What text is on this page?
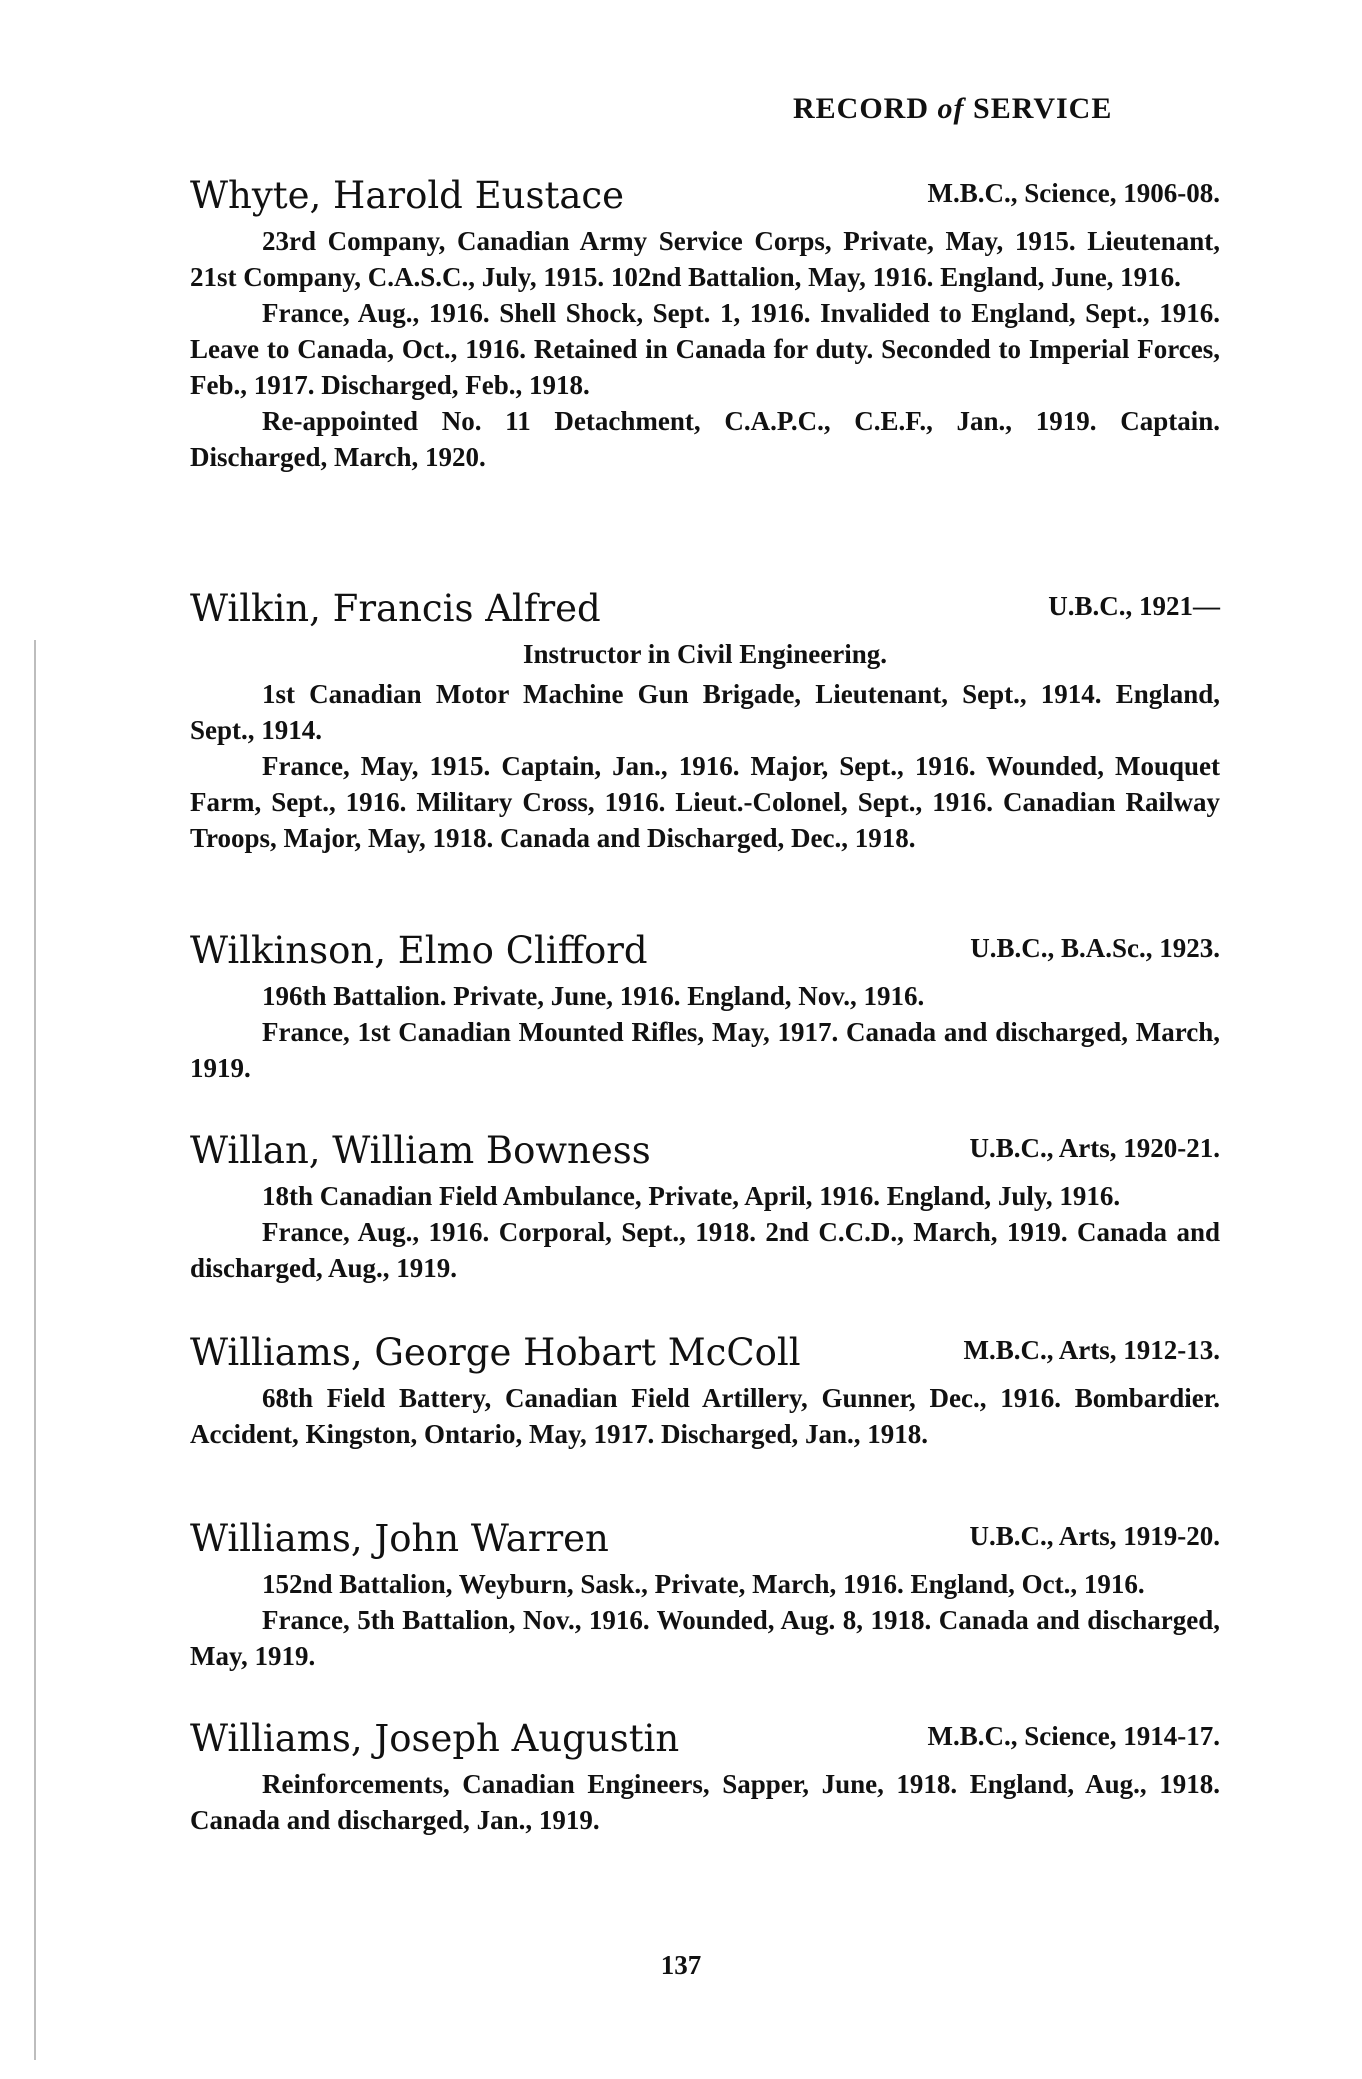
RECORD of SERVICE
Whyte, Harold Eustace	M.B.C., Science, 1906-08.

23rd Company, Canadian Army Service Corps, Private, May, 1915. Lieutenant, 21st Company, C.A.S.C., July, 1915. 102nd Battalion, May, 1916. England, June, 1916.

France, Aug., 1916. Shell Shock, Sept. 1, 1916. Invalided to England, Sept., 1916. Leave to Canada, Oct., 1916. Retained in Canada for duty. Seconded to Imperial Forces, Feb., 1917. Discharged, Feb., 1918.

Re-appointed No. 11 Detachment, C.A.P.C., C.E.F., Jan., 1919. Captain. Discharged, March, 1920.

Wilkin, Francis Alfred	U.B.C., 1921—

Instructor in Civil Engineering.

1st Canadian Motor Machine Gun Brigade, Lieutenant, Sept., 1914. England, Sept., 1914.

France, May, 1915. Captain, Jan., 1916. Major, Sept., 1916. Wounded, Mouquet Farm, Sept., 1916. Military Cross, 1916. Lieut.-Colonel, Sept., 1916. Canadian Railway Troops, Major, May, 1918. Canada and Discharged, Dec., 1918.

Wilkinson, Elmo Clifford	U.B.C., B.A.Sc., 1923.

196th Battalion. Private, June, 1916. England, Nov., 1916.

France, 1st Canadian Mounted Rifles, May, 1917. Canada and discharged, March, 1919.

Willan, William Bowness	U.B.C., Arts, 1920-21.

18th Canadian Field Ambulance, Private, April, 1916. England, July, 1916.

France, Aug., 1916. Corporal, Sept., 1918. 2nd C.C.D., March, 1919. Canada and discharged, Aug., 1919.

Williams, George Hobart McColl	M.B.C., Arts, 1912-13.

68th Field Battery, Canadian Field Artillery, Gunner, Dec., 1916. Bombardier. Accident, Kingston, Ontario, May, 1917. Discharged, Jan., 1918.

Williams, John Warren	U.B.C., Arts, 1919-20.

152nd Battalion, Weyburn, Sask., Private, March, 1916. England, Oct., 1916.

France, 5th Battalion, Nov., 1916. Wounded, Aug. 8, 1918. Canada and discharged, May, 1919.

Williams, Joseph Augustin	M.B.C., Science, 1914-17.

Reinforcements, Canadian Engineers, Sapper, June, 1918. England, Aug., 1918. Canada and discharged, Jan., 1919.

137
